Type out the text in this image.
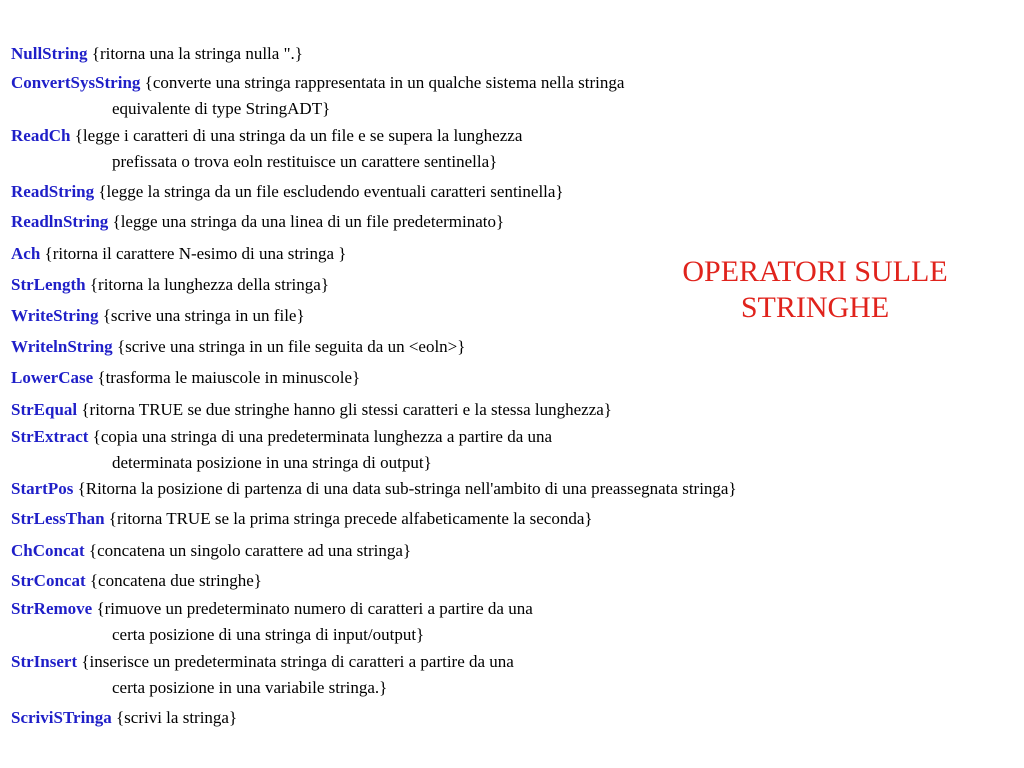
NullString {ritorna una la stringa nulla ".}
ConvertSysString {converte una stringa rappresentata in un qualche sistema nella stringa
equivalente di type StringADT}
ReadCh {legge i caratteri di una stringa da un file e se supera la lunghezza
prefissata o trova eoln restituisce un carattere sentinella}
ReadString {legge la stringa da un file escludendo eventuali caratteri sentinella}
ReadlnString {legge una stringa da una linea di un file predeterminato}
Ach {ritorna il carattere N-esimo di una stringa }
StrLength {ritorna la lunghezza della stringa}
WriteString {scrive una stringa in un file}
WritelnString {scrive una stringa in un file seguita da un <eoln>}
LowerCase {trasforma le maiuscole in minuscole}
StrEqual {ritorna TRUE se due stringhe hanno gli stessi caratteri e la stessa lunghezza}
StrExtract {copia una stringa di una predeterminata lunghezza a partire da una
determinata posizione in una stringa di output}
StartPos {Ritorna la posizione di partenza di una data sub-stringa nell'ambito di una preassegnata stringa}
StrLessThan {ritorna TRUE se la prima stringa precede alfabeticamente la seconda}
ChConcat {concatena un singolo carattere ad una stringa}
StrConcat {concatena due stringhe}
StrRemove {rimuove un predeterminato numero di caratteri a partire da una
certa posizione di una stringa di input/output}
StrInsert {inserisce un predeterminata stringa di caratteri a partire da una
certa posizione in una variabile stringa.}
ScriviSTringa {scrivi la stringa}
OPERATORI SULLE
STRINGHE
